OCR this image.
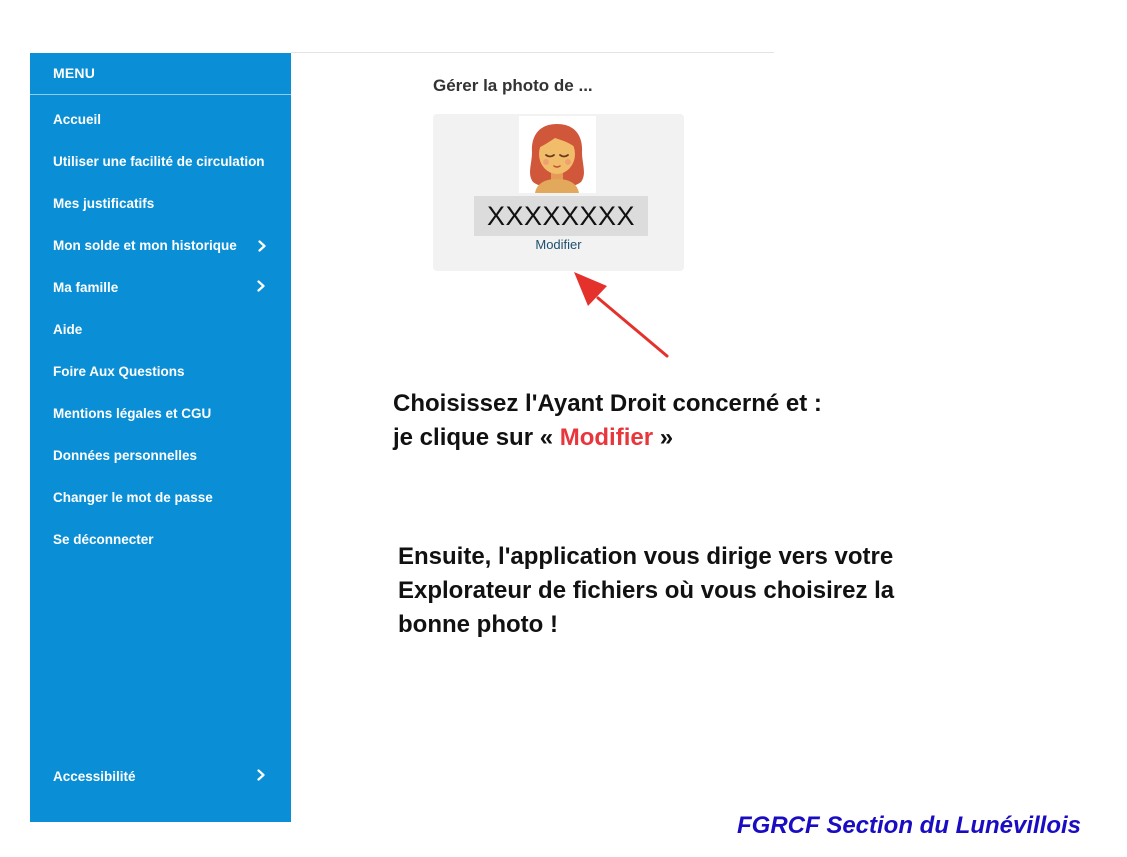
MENU
Accueil
Utiliser une facilité de circulation
Mes justificatifs
Mon solde et mon historique
Ma famille
Aide
Foire Aux Questions
Mentions légales et CGU
Données personnelles
Changer le mot de passe
Se déconnecter
Accessibilité
Gérer la photo de ...
XXXXXXXX
Modifier
Choisissez l'Ayant Droit concerné et :
je clique sur « Modifier »
Ensuite, l'application vous dirige vers votre
Explorateur de fichiers où vous choisirez la
bonne photo !
FGRCF Section du Lunévillois
